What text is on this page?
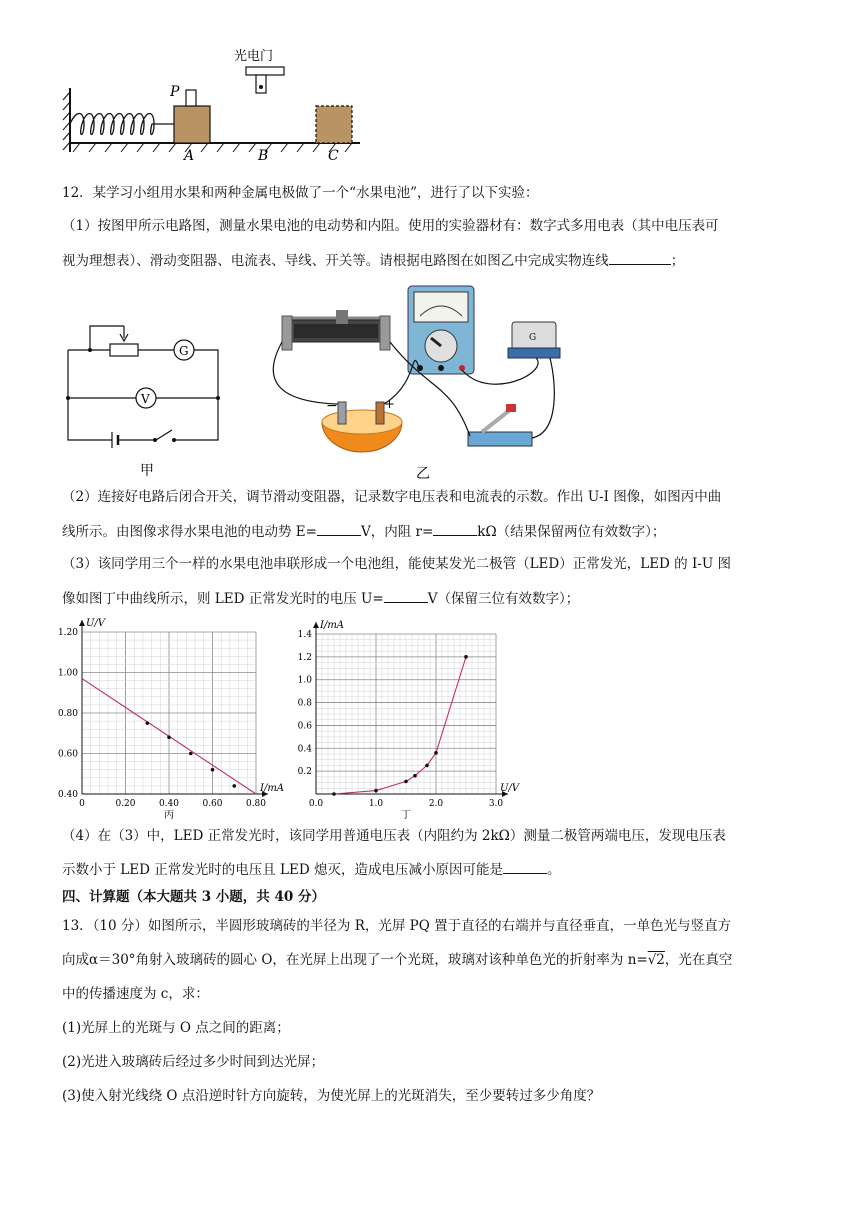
光电门
P
A	B	C
12．某学习小组用水果和两种金属电极做了一个“水果电池”，进行了以下实验：
（1）按图甲所示电路图，测量水果电池的电动势和内阻。使用的实验器材有：数字式多用电表（其中电压表可
视为理想表）、滑动变阻器、电流表、导线、开关等。请根据电路图在如图乙中完成实物连线	；
G
V
甲
G
−	+
乙
（2）连接好电路后闭合开关，调节滑动变阻器，记录数字电压表和电流表的示数。作出 U-I 图像，如图丙中曲
线所示。由图像求得水果电池的电动势 E=	V，内阻 r=	kΩ（结果保留两位有效数字）；
（3）该同学用三个一样的水果电池串联形成一个电池组，能使某发光二极管（LED）正常发光，LED 的 I-U 图
像如图丁中曲线所示，则 LED 正常发光时的电压 U=	V（保留三位有效数字）；
0	0.20	0.40	0.60	0.80
0.40
0.60
0.80
1.00
1.20
I/mA
U/V
丙
0.0	1.0	2.0	3.0
0.2
0.4
0.6
0.8
1.0
1.2
1.4
U/V
I/mA
丁
（4）在（3）中，LED 正常发光时，该同学用普通电压表（内阻约为 2kΩ）测量二极管两端电压，发现电压表
示数小于 LED 正常发光时的电压且 LED 熄灭，造成电压减小原因可能是	。
四、计算题（本大题共 3 小题，共 40 分）
13．（10 分）如图所示，半圆形玻璃砖的半径为 R，光屏 PQ 置于直径的右端并与直径垂直，一单色光与竖直方
向成α＝30°角射入玻璃砖的圆心 O，在光屏上出现了一个光斑，玻璃对该种单色光的折射率为 n=√2，光在真空
中的传播速度为 c，求：
(1)光屏上的光斑与 O 点之间的距离；
(2)光进入玻璃砖后经过多少时间到达光屏；
(3)使入射光线绕 O 点沿逆时针方向旋转，为使光屏上的光斑消失，至少要转过多少角度？
